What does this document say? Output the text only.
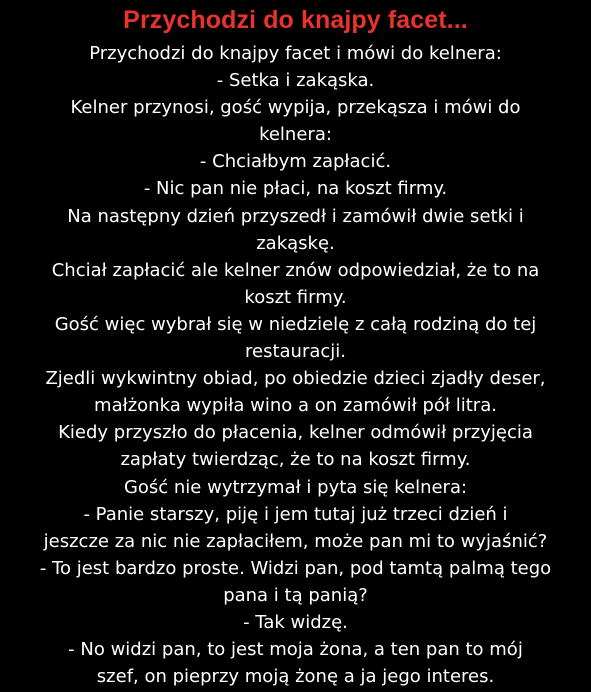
Przychodzi do knajpy facet...
Przychodzi do knajpy facet i mówi do kelnera:
- Setka i zakąska.
Kelner przynosi, gość wypija, przekąsza i mówi do
kelnera:
- Chciałbym zapłacić.
- Nic pan nie płaci, na koszt firmy.
Na następny dzień przyszedł i zamówił dwie setki i
zakąskę.
Chciał zapłacić ale kelner znów odpowiedział, że to na
koszt firmy.
Gość więc wybrał się w niedzielę z całą rodziną do tej
restauracji.
Zjedli wykwintny obiad, po obiedzie dzieci zjadły deser,
małżonka wypiła wino a on zamówił pół litra.
Kiedy przyszło do płacenia, kelner odmówił przyjęcia
zapłaty twierdząc, że to na koszt firmy.
Gość nie wytrzymał i pyta się kelnera:
- Panie starszy, piję i jem tutaj już trzeci dzień i
jeszcze za nic nie zapłaciłem, może pan mi to wyjaśnić?
- To jest bardzo proste. Widzi pan, pod tamtą palmą tego
pana i tą panią?
- Tak widzę.
- No widzi pan, to jest moja żona, a ten pan to mój
szef, on pieprzy moją żonę a ja jego interes.
